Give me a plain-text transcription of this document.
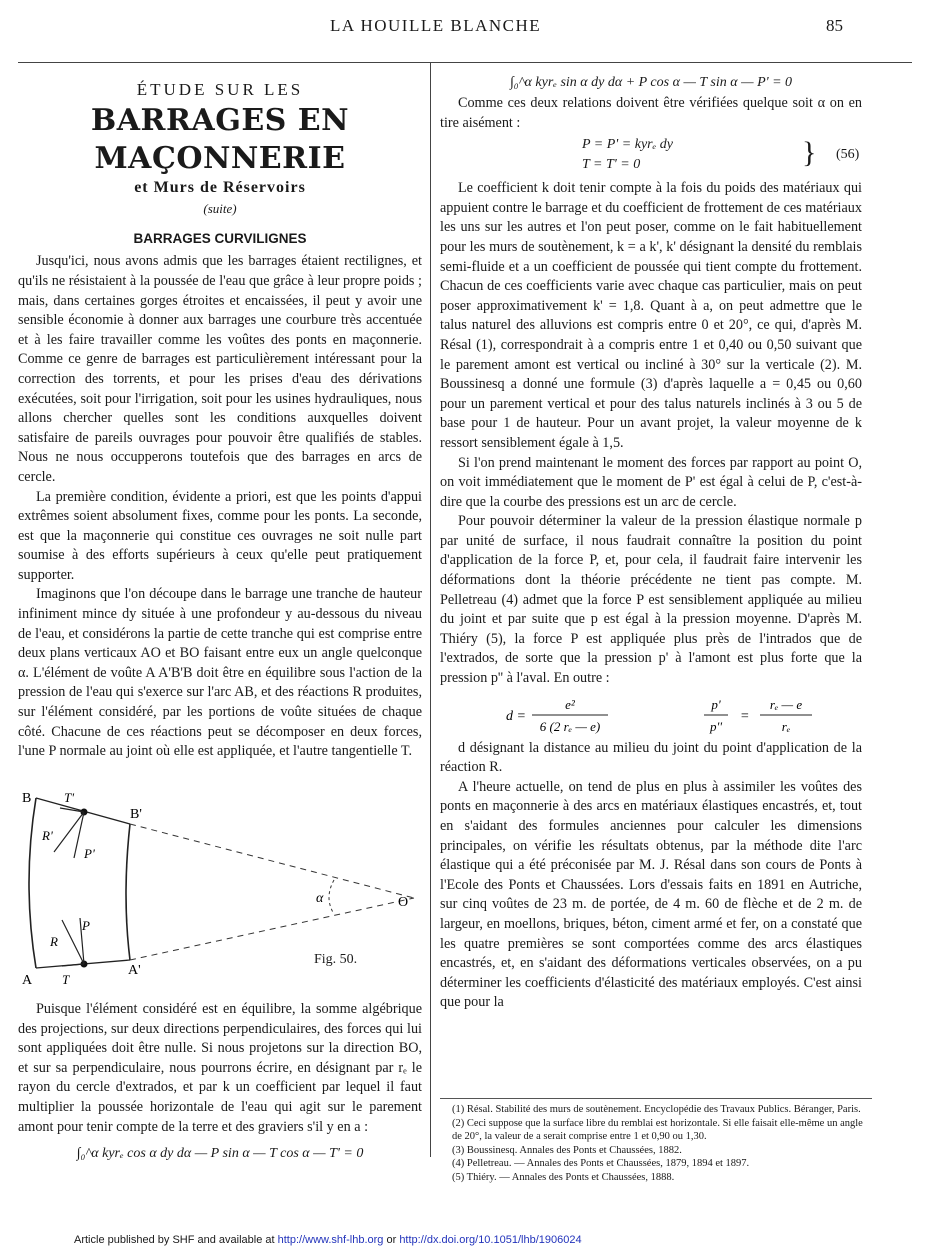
LA HOUILLE BLANCHE	85
ÉTUDE SUR LES
BARRAGES EN MAÇONNERIE
et Murs de Réservoirs
(suite)
BARRAGES CURVILIGNES

Jusqu'ici, nous avons admis que les barrages étaient rectilignes, et qu'ils ne résistaient à la poussée de l'eau que grâce à leur propre poids ; mais, dans certaines gorges étroites et encaissées, il peut y avoir une sensible économie à donner aux barrages une courbure très accentuée et à les faire travailler comme les voûtes des ponts en maçonnerie. Comme ce genre de barrages est particulièrement intéressant pour la correction des torrents, et pour les prises d'eau des dérivations exécutées, soit pour l'irrigation, soit pour les usines hydrauliques, nous allons chercher quelles sont les conditions auxquelles doivent satisfaire de pareils ouvrages pour pouvoir être qualifiés de stables. Nous ne nous occupperons toutefois que des barrages en arcs de cercle.

La première condition, évidente a priori, est que les points d'appui extrêmes soient absolument fixes, comme pour les ponts. La seconde, est que la maçonnerie qui constitue ces ouvrages ne soit nulle part soumise à des efforts supérieurs à ceux qu'elle peut pratiquement supporter.

Imaginons que l'on découpe dans le barrage une tranche de hauteur infiniment mince dy située à une profondeur y au-dessous du niveau de l'eau, et considérons la partie de cette tranche qui est comprise entre deux plans verticaux AO et BO faisant entre eux un angle quelconque α. L'élément de voûte A A'B'B doit être en équilibre sous l'action de la pression de l'eau qui s'exerce sur l'arc AB, et des réactions R produites, sur l'élément considéré, par les portions de voûte situées de chaque côté. Chacune de ces réactions peut se décomposer en deux forces, l'une P normale au joint où elle est appliquée, et l'autre tangentielle T.

B
A
B'
A'
O
α
T'
R'
P'
P
R
T
Fig. 50.

Puisque l'élément considéré est en équilibre, la somme algébrique des projections, sur deux directions perpendiculaires, des forces qui lui sont appliquées doit être nulle. Si nous projetons sur la direction BO, et sur sa perpendiculaire, nous pourrons écrire, en désignant par rₑ le rayon du cercle d'extrados, et par k un coefficient par lequel il faut multiplier la poussée horizontale de l'eau qui agit sur le parement amont pour tenir compte de la terre et des graviers s'il y en a :

∫₀^α kyrₑ cos α dy dα — P sin α — T cos α — T' = 0
∫₀^α kyrₑ sin α dy dα + P cos α — T sin α — P' = 0

Comme ces deux relations doivent être vérifiées quelque soit α on en tire aisément :

P = P' = kyrₑ dy
T = T' = 0	} (56)

Le coefficient k doit tenir compte à la fois du poids des matériaux qui appuient contre le barrage et du coefficient de frottement de ces matériaux les uns sur les autres et l'on peut poser, comme on le fait habituellement pour les murs de soutènement, k = a k', k' désignant la densité du remblais semi-fluide et a un coefficient de poussée qui tient compte du frottement. Chacun de ces coefficients varie avec chaque cas particulier, mais on peut poser approximativement k' = 1,8. Quant à a, on peut admettre que le talus naturel des alluvions est compris entre 0 et 20°, ce qui, d'après M. Résal (1), correspondrait à a compris entre 1 et 0,40 ou 0,50 suivant que le parement amont est vertical ou incliné à 30° sur la verticale (2). M. Boussinesq a donné une formule (3) d'après laquelle a = 0,45 ou 0,60 pour un parement vertical et pour des talus naturels inclinés à 3 ou 5 de base pour 1 de hauteur. Pour un avant projet, la valeur moyenne de k ressort sensiblement égale à 1,5.

Si l'on prend maintenant le moment des forces par rapport au point O, on voit immédiatement que le moment de P' est égal à celui de P, c'est-à-dire que la courbe des pressions est un arc de cercle.

Pour pouvoir déterminer la valeur de la pression élastique normale p par unité de surface, il nous faudrait connaître la position du point d'application de la force P, et, pour cela, il faudrait faire intervenir les déformations dont la théorie précédente ne tient pas compte. M. Pelletreau (4) admet que la force P est sensiblement appliquée au milieu du joint et par suite que p est égal à la pression moyenne. D'après M. Thiéry (5), la force P est appliquée plus près de l'intrados que de l'extrados, de sorte que la pression p' à l'amont est plus forte que la pression p'' à l'aval. En outre :

d =
e²
6 (2 rₑ — e)
p'
p''
=
rₑ — e
rₑ

d désignant la distance au milieu du joint du point d'application de la réaction R.

A l'heure actuelle, on tend de plus en plus à assimiler les voûtes des ponts en maçonnerie à des arcs en matériaux élastiques encastrés, et, tout en s'aidant des formules anciennes pour calculer les dimensions principales, on vérifie les résultats obtenus, par la méthode dite l'arc élastique qui a été préconisée par M. J. Résal dans son cours de Ponts à l'Ecole des Ponts et Chaussées. Lors d'essais faits en 1891 en Autriche, sur cinq voûtes de 23 m. de portée, de 4 m. 60 de flèche et de 2 m. de largeur, en moellons, briques, béton, ciment armé et fer, on a constaté que les quatre premières se sont comportées comme des arcs élastiques encastrés, et, en s'aidant des déformations verticales observées, on a pu déterminer les coefficients d'élasticité des matériaux employés. C'est ainsi que pour la

(1) Résal. Stabilité des murs de soutènement. Encyclopédie des Travaux Publics. Béranger, Paris.
(2) Ceci suppose que la surface libre du remblai est horizontale. Si elle faisait elle-même un angle de 20°, la valeur de a serait comprise entre 1 et 0,90 ou 1,30.
(3) Boussinesq. Annales des Ponts et Chaussées, 1882.
(4) Pelletreau. — Annales des Ponts et Chaussées, 1879, 1894 et 1897.
(5) Thiéry. — Annales des Ponts et Chaussées, 1888.
Article published by SHF and available at http://www.shf-lhb.org or http://dx.doi.org/10.1051/lhb/1906024
